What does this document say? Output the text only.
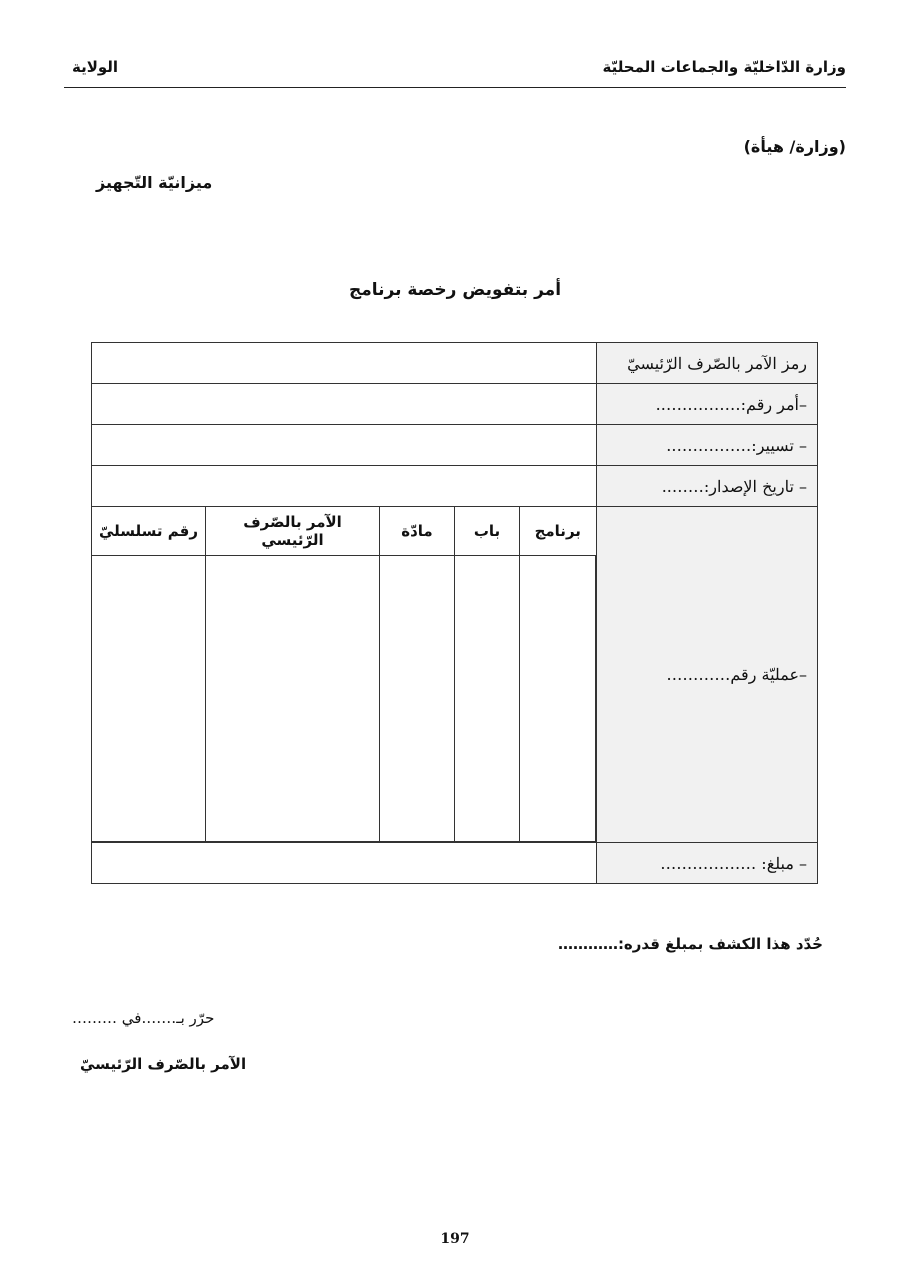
وزارة الدّاخليّة والجماعات المحليّة
الولاية
(وزارة/ هيأة)
ميزانيّة التّجهيز
أمر بتفويض رخصة برنامج
رمز الآمر بالصّرف الرّئيسيّ	
–أمر رقم:…………….	
– تسيير:…………….	
– تاريخ الإصدار:……..	
–عمليّة رقم…………	
برنامج	باب	مادّة	الآمر بالصّرف الرّئيسي	رقم تسلسليّ

– مبلغ: ………………	
حُدّد هذا الكشف بمبلغ قدره:…………
حرّر بـ…….في ………
الآمر بالصّرف الرّئيسيّ
197
